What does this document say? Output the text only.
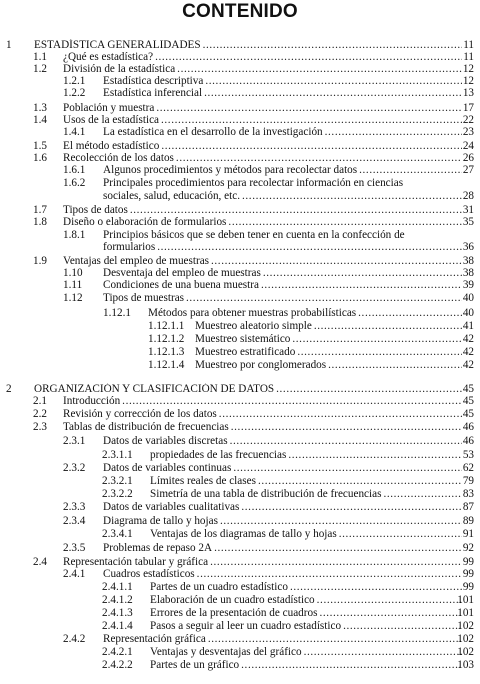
CONTENIDO
1 ESTADÍSTICA GENERALIDADES .....	11
1.1 ¿Qué es estadística? .....	11
1.2 División de la estadística .....	12
1.2.1 Estadística descriptiva .....	12
1.2.2 Estadística inferencial .....	13
1.3 Población y muestra .....	17
1.4 Usos de la estadística .....	22
1.4.1 La estadística en el desarrollo de la investigación .....	23
1.5 El método estadístico .....	24
1.6 Recolección de los datos .....	26
1.6.1 Algunos procedimientos y métodos para recolectar datos .....	27
1.6.2 Principales procedimientos para recolectar información en ciencias
sociales, salud, educación, etc. .....	28
1.7 Tipos de datos .....	31
1.8 Diseño o elaboración de formularios .....	35
1.8.1 Principios básicos que se deben tener en cuenta en la confección de
formularios .....	36
1.9 Ventajas del empleo de muestras .....	38
1.10 Desventaja del empleo de muestras .....	38
1.11 Condiciones de una buena muestra .....	39
1.12 Tipos de muestras .....	40
1.12.1 Métodos para obtener muestras probabilísticas .....	40
1.12.1.1 Muestreo aleatorio simple .....	41
1.12.1.2 Muestreo sistemático .....	42
1.12.1.3 Muestreo estratificado .....	42
1.12.1.4 Muestreo por conglomerados .....	42
2 ORGANIZACIÓN Y CLASIFICACIÓN DE DATOS .....	45
2.1 Introducción .....	45
2.2 Revisión y corrección de los datos .....	45
2.3 Tablas de distribución de frecuencias .....	46
2.3.1 Datos de variables discretas .....	46
2.3.1.1 propiedades de las frecuencias .....	53
2.3.2 Datos de variables continuas .....	62
2.3.2.1 Límites reales de clases .....	79
2.3.2.2 Simetría de una tabla de distribución de frecuencias .....	83
2.3.3 Datos de variables cualitativas .....	87
2.3.4 Diagrama de tallo y hojas .....	89
2.3.4.1 Ventajas de los diagramas de tallo y hojas .....	91
2.3.5 Problemas de repaso 2A .....	92
2.4 Representación tabular y gráfica .....	99
2.4.1 Cuadros estadísticos .....	99
2.4.1.1 Partes de un cuadro estadístico .....	99
2.4.1.2 Elaboración de un cuadro estadístico .....	101
2.4.1.3 Errores de la presentación de cuadros .....	101
2.4.1.4 Pasos a seguir al leer un cuadro estadístico .....	102
2.4.2 Representación gráfica .....	102
2.4.2.1 Ventajas y desventajas del gráfico .....	102
2.4.2.2 Partes de un gráfico .....	103
